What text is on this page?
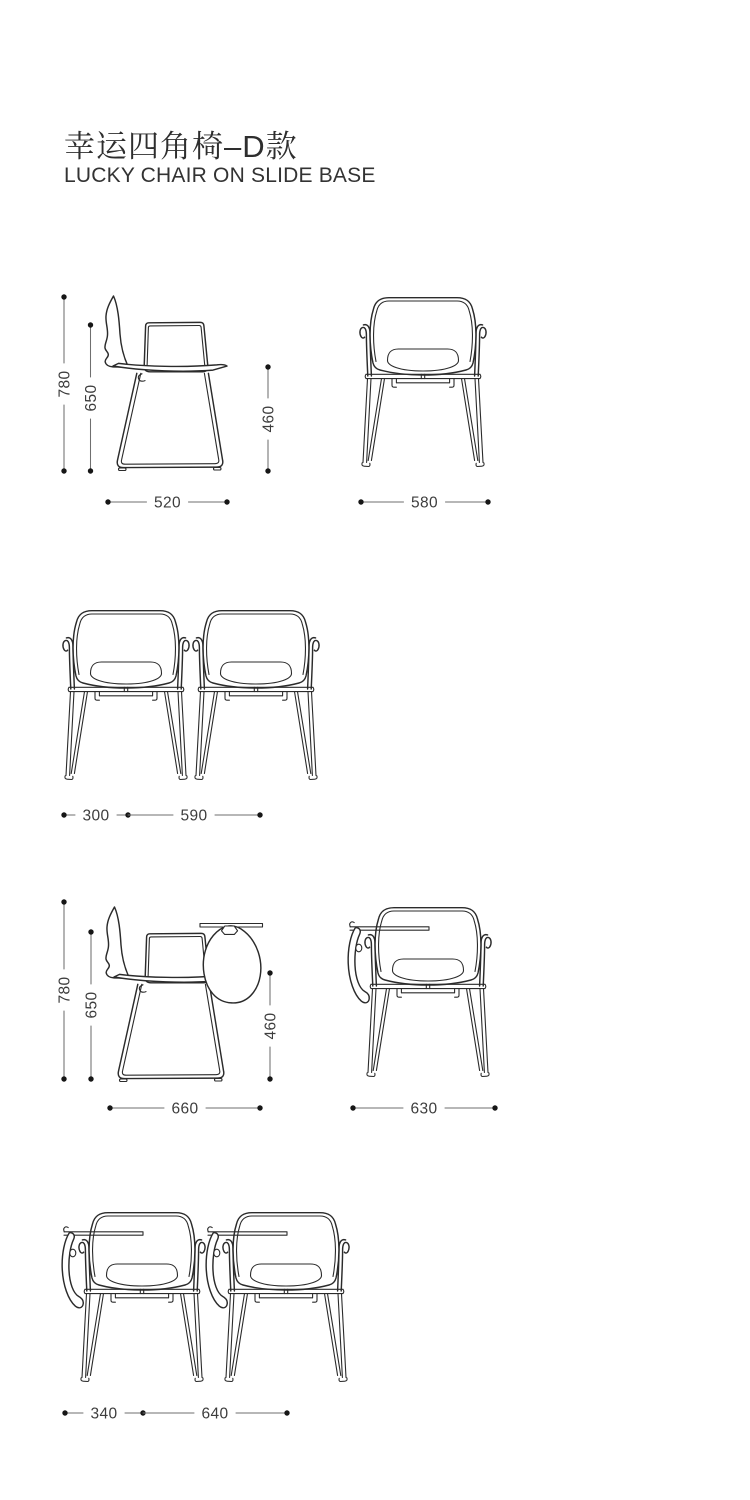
幸运四角椅–D款
LUCKY CHAIR ON SLIDE BASE
780
650
460
520	580
300	590
780
650
460
660	630
340	640
